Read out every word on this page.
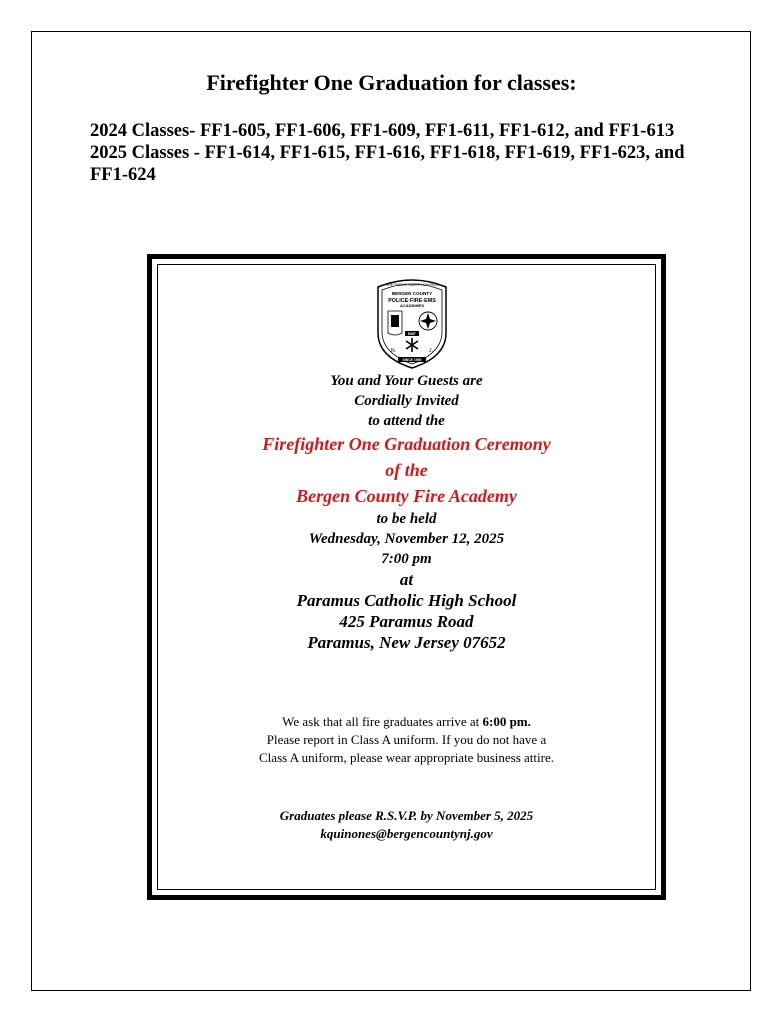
Firefighter One Graduation for classes:

2024 Classes- FF1-605, FF1-606, FF1-609, FF1-611, FF1-612, and FF1-613

2025 Classes - FF1-614, FF1-615, FF1-616, FF1-618, FF1-619, FF1-623, and FF1-624

FIRE PUBLIC SAFETY DIVISION
BERGEN COUNTY
POLICE·FIRE·EMS
ACADEMIES
EMT
N.	J.
SINCE 1955
You and Your Guests are
Cordially Invited
to attend the
Firefighter One Graduation Ceremony
of the
Bergen County Fire Academy
to be held
Wednesday, November 12, 2025
7:00 pm
at
Paramus Catholic High School
425 Paramus Road
Paramus, New Jersey 07652
We ask that all fire graduates arrive at 6:00 pm.
Please report in Class A uniform. If you do not have a
Class A uniform, please wear appropriate business attire.
Graduates please R.S.V.P. by November 5, 2025
kquinones@bergencountynj.gov
